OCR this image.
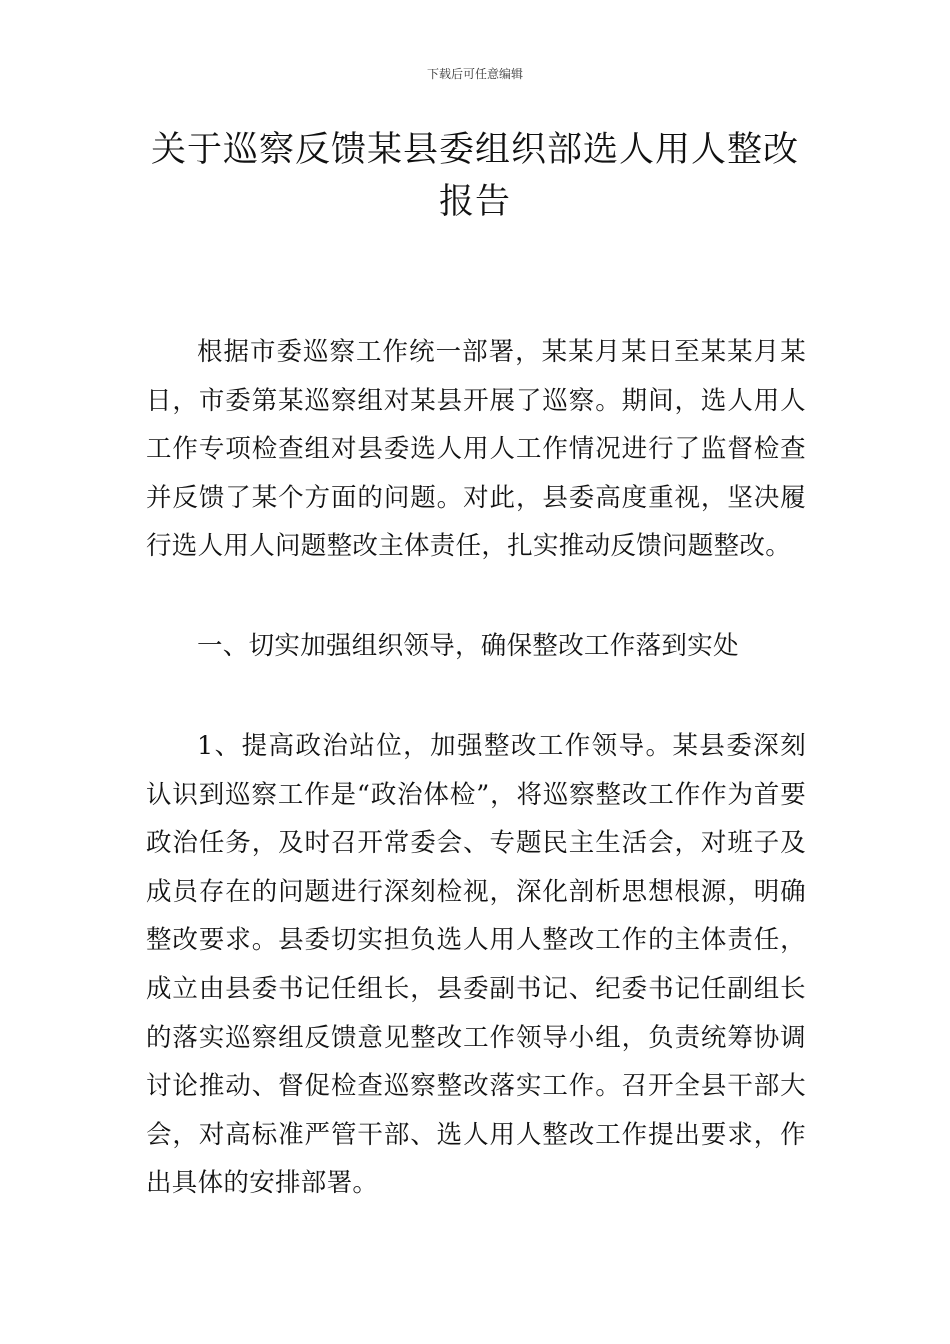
下载后可任意编辑
关于巡察反馈某县委组织部选人用人整改报告

根据市委巡察工作统一部署，某某月某日至某某月某日，市委第某巡察组对某县开展了巡察。期间，选人用人工作专项检查组对县委选人用人工作情况进行了监督检查并反馈了某个方面的问题。对此，县委高度重视，坚决履行选人用人问题整改主体责任，扎实推动反馈问题整改。

一、切实加强组织领导，确保整改工作落到实处

1、提高政治站位，加强整改工作领导。某县委深刻认识到巡察工作是“政治体检”，将巡察整改工作作为首要政治任务，及时召开常委会、专题民主生活会，对班子及成员存在的问题进行深刻检视，深化剖析思想根源，明确整改要求。县委切实担负选人用人整改工作的主体责任，成立由县委书记任组长，县委副书记、纪委书记任副组长的落实巡察组反馈意见整改工作领导小组，负责统筹协调讨论推动、督促检查巡察整改落实工作。召开全县干部大会，对高标准严管干部、选人用人整改工作提出要求，作出具体的安排部署。
